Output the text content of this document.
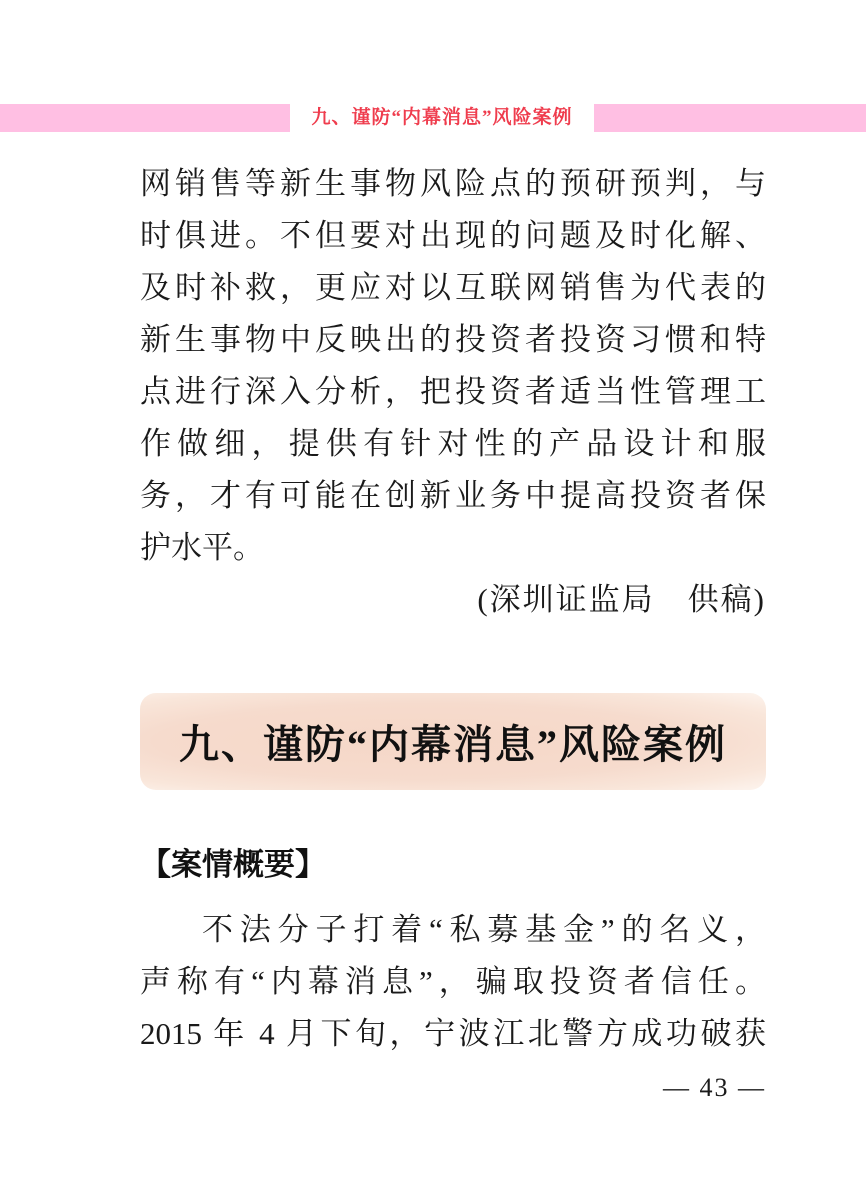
九、谨防“内幕消息”风险案例
网销售等新生事物风险点的预研预判，与
时俱进。不但要对出现的问题及时化解、
及时补救，更应对以互联网销售为代表的
新生事物中反映出的投资者投资习惯和特
点进行深入分析，把投资者适当性管理工
作做细，提供有针对性的产品设计和服
务，才有可能在创新业务中提高投资者保
护水平。
(深圳证监局　供稿)
九、谨防“内幕消息”风险案例
【案情概要】
不法分子打着“私募基金”的名义，
声称有“内幕消息”，骗取投资者信任。
2015 年 4 月下旬，宁波江北警方成功破获
— 43 —
